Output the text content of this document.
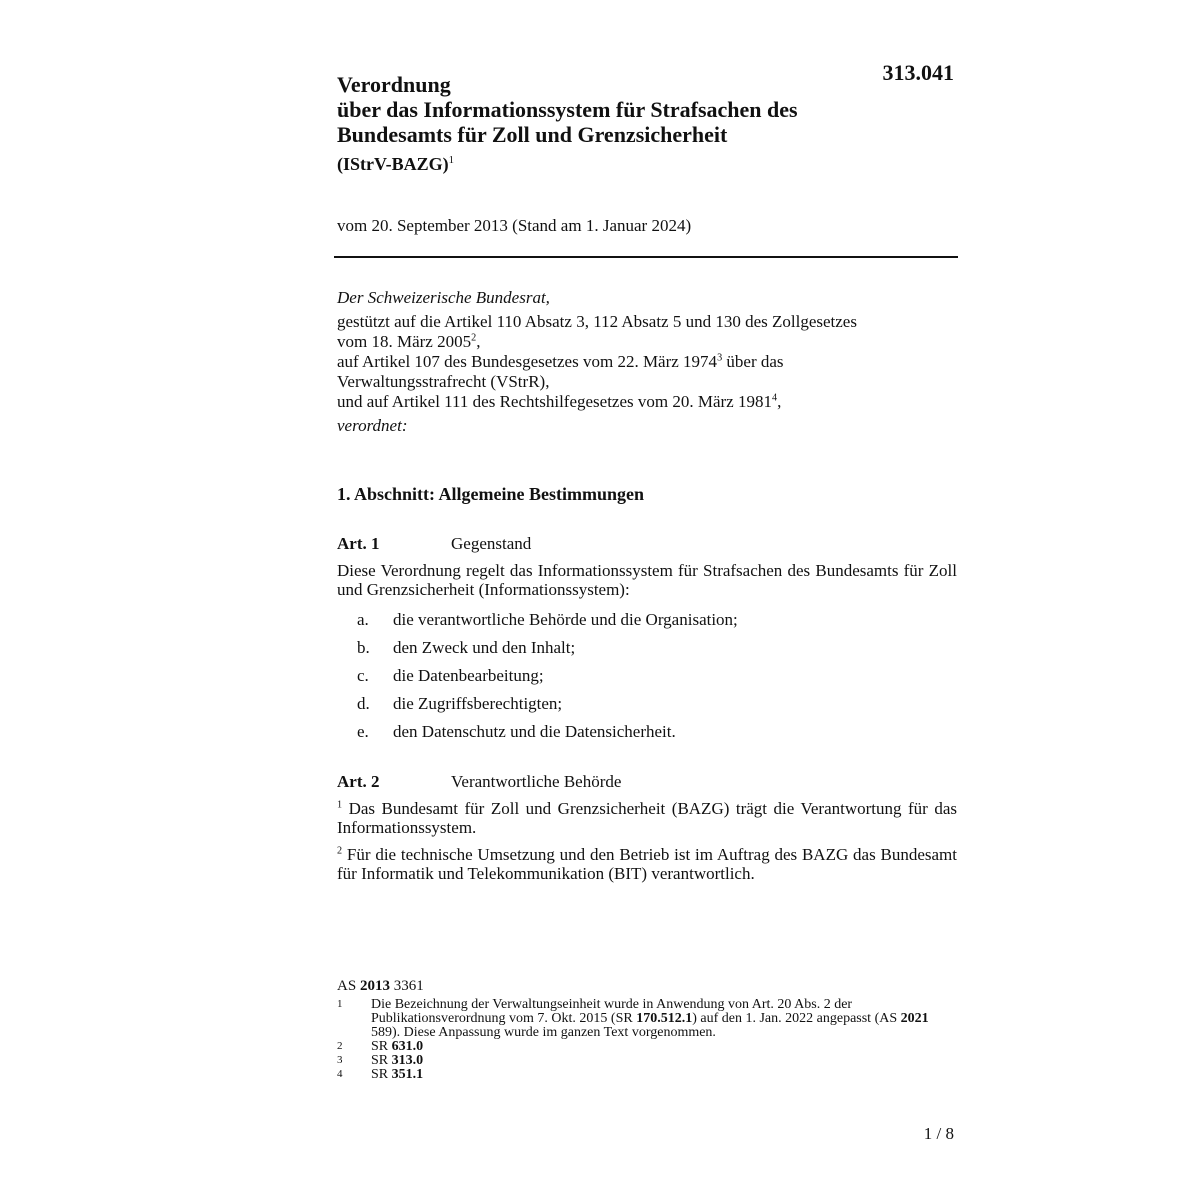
313.041
Verordnung
über das Informationssystem für Strafsachen des
Bundesamts für Zoll und Grenzsicherheit
(IStrV-BAZG)$^1$
vom 20. September 2013 (Stand am 1. Januar 2024)
Der Schweizerische Bundesrat,
gestützt auf die Artikel 110 Absatz 3, 112 Absatz 5 und 130 des Zollgesetzes
vom 18. März 2005$^2$,
auf Artikel 107 des Bundesgesetzes vom 22. März 1974$^3$ über das
Verwaltungsstrafrecht (VStrR),
und auf Artikel 111 des Rechtshilfegesetzes vom 20. März 1981$^4$,
verordnet:
1. Abschnitt: Allgemeine Bestimmungen
Art. 1	Gegenstand
Diese Verordnung regelt das Informationssystem für Strafsachen des Bundesamts für Zoll und Grenzsicherheit (Informationssystem):
a.	die verantwortliche Behörde und die Organisation;
b.	den Zweck und den Inhalt;
c.	die Datenbearbeitung;
d.	die Zugriffsberechtigten;
e.	den Datenschutz und die Datensicherheit.
Art. 2	Verantwortliche Behörde
$^1$ Das Bundesamt für Zoll und Grenzsicherheit (BAZG) trägt die Verantwortung für das Informationssystem.
$^2$ Für die technische Umsetzung und den Betrieb ist im Auftrag des BAZG das Bundesamt für Informatik und Telekommunikation (BIT) verantwortlich.
AS 2013 3361
1	Die Bezeichnung der Verwaltungseinheit wurde in Anwendung von Art. 20 Abs. 2 der Publikationsverordnung vom 7. Okt. 2015 (SR 170.512.1) auf den 1. Jan. 2022 angepasst (AS 2021 589). Diese Anpassung wurde im ganzen Text vorgenommen.
2	SR 631.0
3	SR 313.0
4	SR 351.1
1 / 8
